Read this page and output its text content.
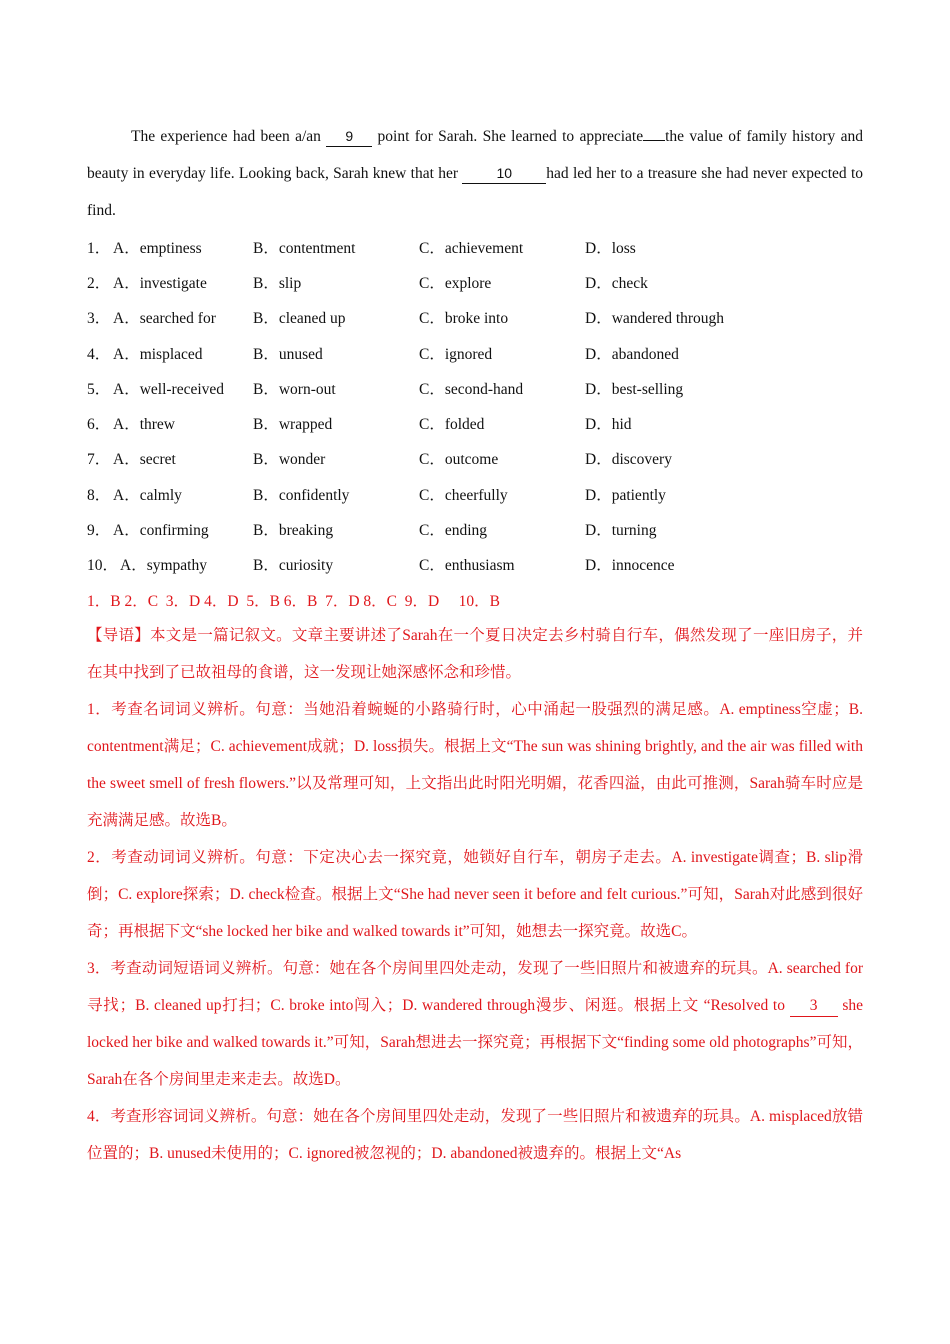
The experience had been a/an 9 point for Sarah. She learned to appreciate the value of family history and beauty in everyday life. Looking back, Sarah knew that her 10 had led her to a treasure she had never expected to find.

1． A．emptiness	B．contentment	C．achievement	D．loss
2． A．investigate	B．slip	C．explore	D．check
3． A．searched for	B．cleaned up	C．broke into	D．wandered through
4． A．misplaced	B．unused	C．ignored	D．abandoned
5． A．well-received	B．worn-out	C．second-hand	D．best-selling
6． A．threw	B．wrapped	C．folded	D．hid
7． A．secret	B．wonder	C．outcome	D．discovery
8． A．calmly	B．confidently	C．cheerfully	D．patiently
9． A．confirming	B．breaking	C．ending	D．turning
10． A．sympathy	B．curiosity	C．enthusiasm	D．innocence
1．B 2．C  3．D 4．D  5．B 6．B  7．D 8．C  9．D     10．B

【导语】本文是一篇记叙文。文章主要讲述了Sarah在一个夏日决定去乡村骑自行车，偶然发现了一座旧房子，并在其中找到了已故祖母的食谱，这一发现让她深感怀念和珍惜。

1．考查名词词义辨析。句意：当她沿着蜿蜒的小路骑行时，心中涌起一股强烈的满足感。A. emptiness空虚；B. contentment满足；C. achievement成就；D. loss损失。根据上文“The sun was shining brightly, and the air was filled with the sweet smell of fresh flowers.”以及常理可知，上文指出此时阳光明媚，花香四溢，由此可推测，Sarah骑车时应是充满满足感。故选B。

2．考查动词词义辨析。句意：下定决心去一探究竟，她锁好自行车，朝房子走去。A. investigate调查；B. slip滑倒；C. explore探索；D. check检查。根据上文“She had never seen it before and felt curious.”可知，Sarah对此感到很好奇；再根据下文“she locked her bike and walked towards it”可知，她想去一探究竟。故选C。

3．考查动词短语词义辨析。句意：她在各个房间里四处走动，发现了一些旧照片和被遗弃的玩具。A. searched for寻找；B. cleaned up打扫；C. broke into闯入；D. wandered through漫步、闲逛。根据上文 “Resolved to 3 she locked her bike and walked towards it.”可知，Sarah想进去一探究竟；再根据下文“finding some old photographs”可知，Sarah在各个房间里走来走去。故选D。

4．考查形容词词义辨析。句意：她在各个房间里四处走动，发现了一些旧照片和被遗弃的玩具。A. misplaced放错位置的；B. unused未使用的；C. ignored被忽视的；D. abandoned被遗弃的。根据上文“As
